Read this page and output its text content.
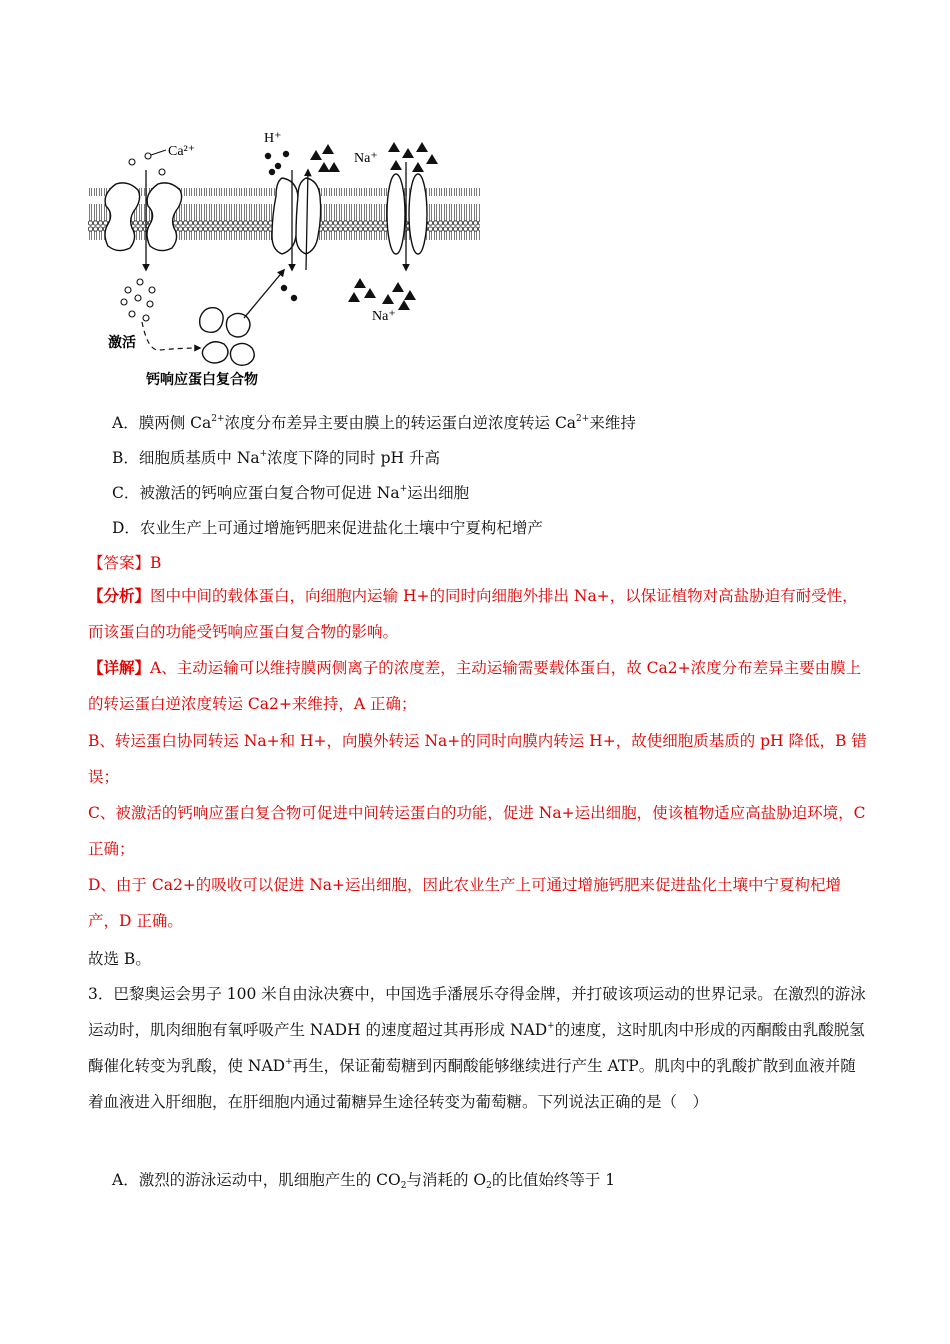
Ca²⁺
激活
钙响应蛋白复合物
H⁺
Na⁺
Na⁺
A．膜两侧 $Ca^{2+}$浓度分布差异主要由膜上的转运蛋白逆浓度转运 $Ca^{2+}$来维持
B．细胞质基质中 Na+浓度下降的同时 pH 升高
C．被激活的钙响应蛋白复合物可促进 Na+运出细胞
D．农业生产上可通过增施钙肥来促进盐化土壤中宁夏枸杞增产
【答案】B
【分析】图中中间的载体蛋白，向细胞内运输 H+的同时向细胞外排出 Na+，以保证植物对高盐胁迫有耐受性，而该蛋白的功能受钙响应蛋白复合物的影响。
【详解】A、主动运输可以维持膜两侧离子的浓度差，主动运输需要载体蛋白，故 Ca2+浓度分布差异主要由膜上的转运蛋白逆浓度转运 Ca2+来维持，A 正确；
B、转运蛋白协同转运 Na+和 H+，向膜外转运 Na+的同时向膜内转运 H+，故使细胞质基质的 pH 降低，B 错误；
C、被激活的钙响应蛋白复合物可促进中间转运蛋白的功能，促进 Na+运出细胞，使该植物适应高盐胁迫环境，C 正确；
D、由于 Ca2+的吸收可以促进 Na+运出细胞，因此农业生产上可通过增施钙肥来促进盐化土壤中宁夏枸杞增产，D 正确。
故选 B。
3．巴黎奥运会男子 100 米自由泳决赛中，中国选手潘展乐夺得金牌，并打破该项运动的世界记录。在激烈的游泳运动时，肌肉细胞有氧呼吸产生 NADH 的速度超过其再形成 NAD+的速度，这时肌肉中形成的丙酮酸由乳酸脱氢酶催化转变为乳酸，使 NAD+再生，保证葡萄糖到丙酮酸能够继续进行产生 ATP。肌肉中的乳酸扩散到血液并随着血液进入肝细胞，在肝细胞内通过葡糖异生途径转变为葡萄糖。下列说法正确的是（　）
A．激烈的游泳运动中，肌细胞产生的 $CO_2$与消耗的 $O_2$的比值始终等于 1
